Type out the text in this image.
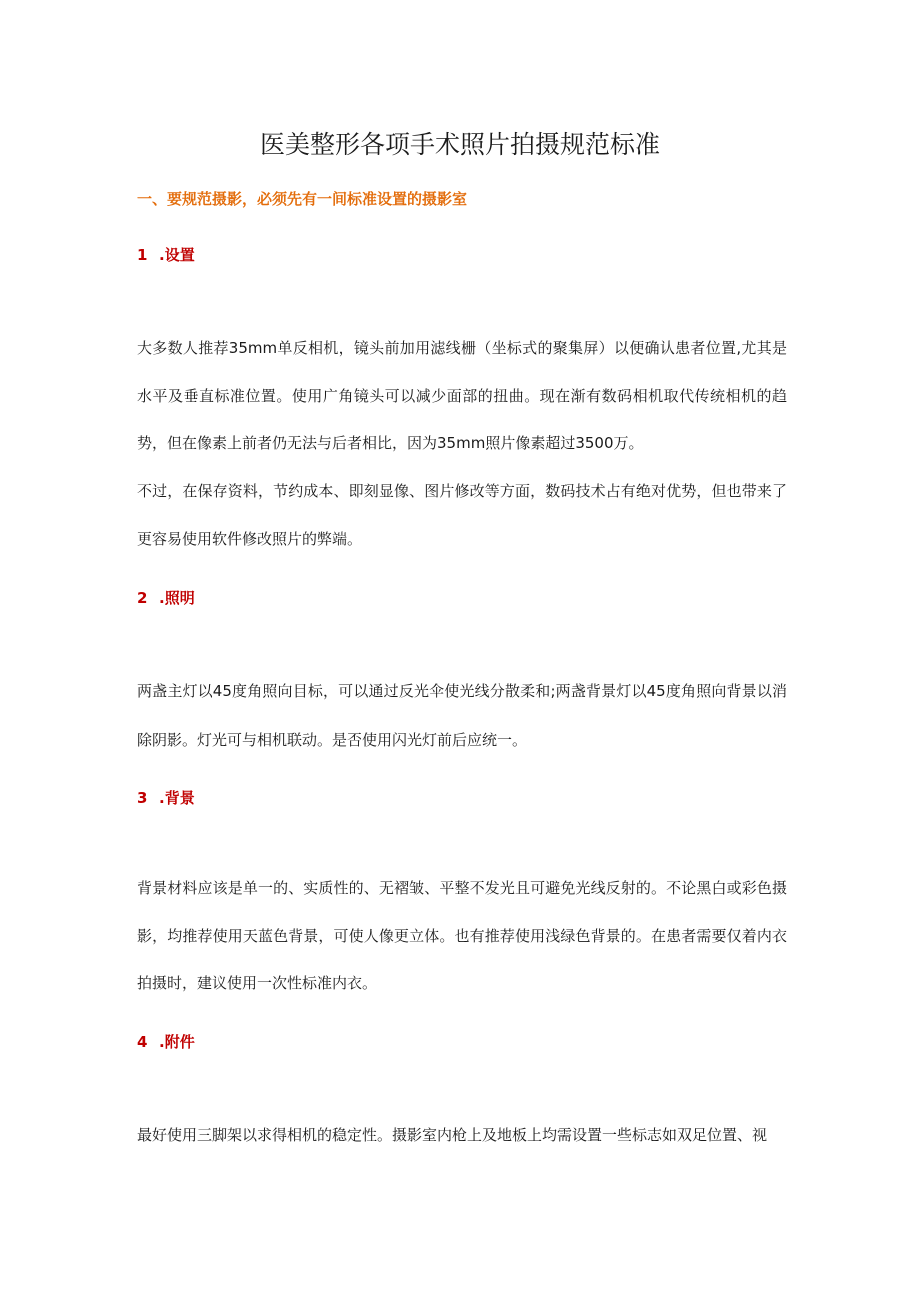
医美整形各项手术照片拍摄规范标准
一、要规范摄影，必须先有一间标准设置的摄影室
1 .设置

大多数人推荐35mm单反相机，镜头前加用滤线栅（坐标式的聚集屏）以便确认患者位置,尤其是水平及垂直标准位置。使用广角镜头可以减少面部的扭曲。现在渐有数码相机取代传统相机的趋势，但在像素上前者仍无法与后者相比，因为35mm照片像素超过3500万。

不过，在保存资料，节约成本、即刻显像、图片修改等方面，数码技术占有绝对优势，但也带来了更容易使用软件修改照片的弊端。

2 .照明

两盏主灯以45度角照向目标，可以通过反光伞使光线分散柔和;两盏背景灯以45度角照向背景以消除阴影。灯光可与相机联动。是否使用闪光灯前后应统一。

3 .背景

背景材料应该是单一的、实质性的、无褶皱、平整不发光且可避免光线反射的。不论黑白或彩色摄影，均推荐使用天蓝色背景，可使人像更立体。也有推荐使用浅绿色背景的。在患者需要仅着内衣拍摄时，建议使用一次性标准内衣。

4 .附件

最好使用三脚架以求得相机的稳定性。摄影室内枪上及地板上均需设置一些标志如双足位置、视
